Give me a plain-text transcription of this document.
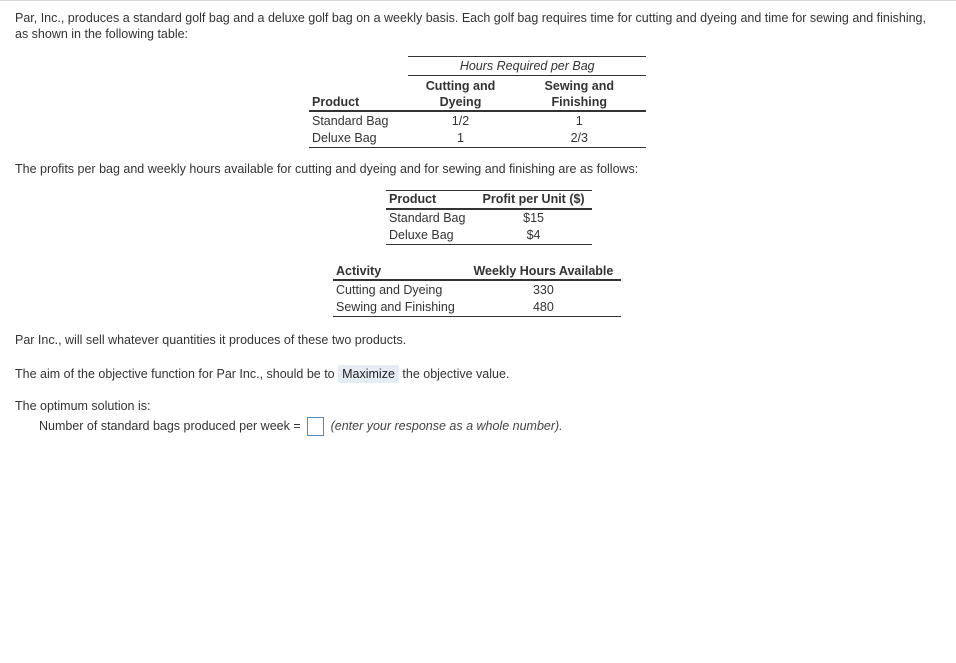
Par, Inc., produces a standard golf bag and a deluxe golf bag on a weekly basis. Each golf bag requires time for cutting and dyeing and time for sewing and finishing, as shown in the following table:

	Hours Required per Bag	
Product	Cutting and Dyeing	Sewing and Finishing
Standard Bag	1/2	1
Deluxe Bag	1	2/3

The profits per bag and weekly hours available for cutting and dyeing and for sewing and finishing are as follows:

Product	Profit per Unit ($)
Standard Bag	$15
Deluxe Bag	$4
Activity	Weekly Hours Available
Cutting and Dyeing	330
Sewing and Finishing	480

Par Inc., will sell whatever quantities it produces of these two products.

The aim of the objective function for Par Inc., should be to Maximize the objective value.

The optimum solution is:

Number of standard bags produced per week = (enter your response as a whole number).
